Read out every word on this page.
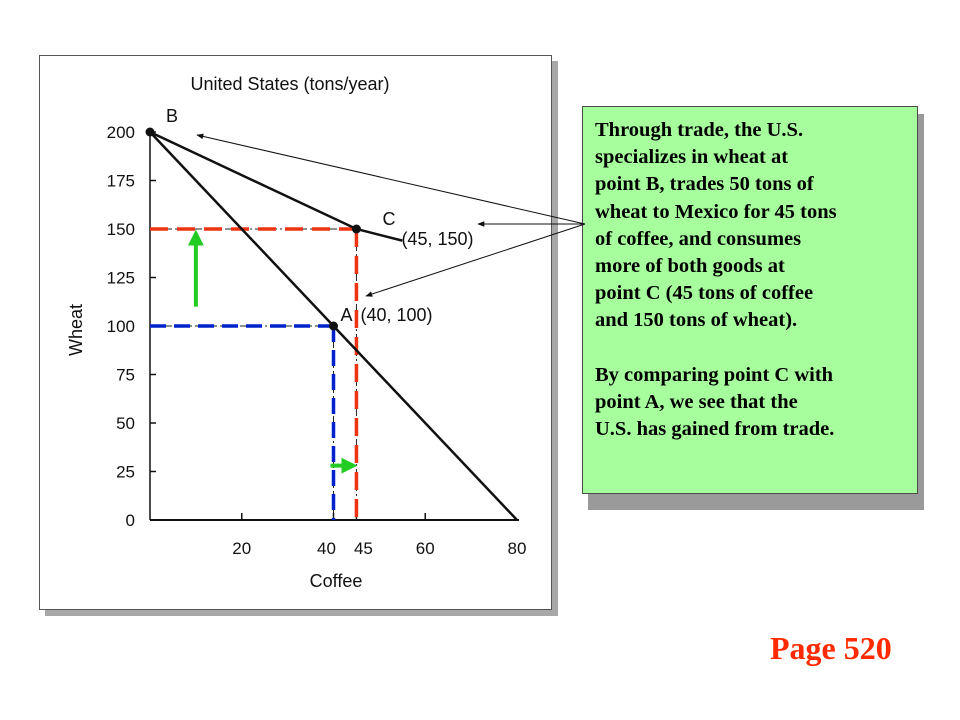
Through trade, the U.S.
specializes in wheat at
point B, trades 50 tons of
wheat to Mexico for 45 tons
of coffee, and consumes
more of both goods at
point C (45 tons of coffee
and 150 tons of wheat).

By comparing point C with
point A, we see that the
U.S. has gained from trade.

Page 520
0
25
50
75
100
125
150
175
200
20	40 45	60	80
Coffee
Wheat
United States (tons/year)
B
C
(45, 150)
A (40, 100)
